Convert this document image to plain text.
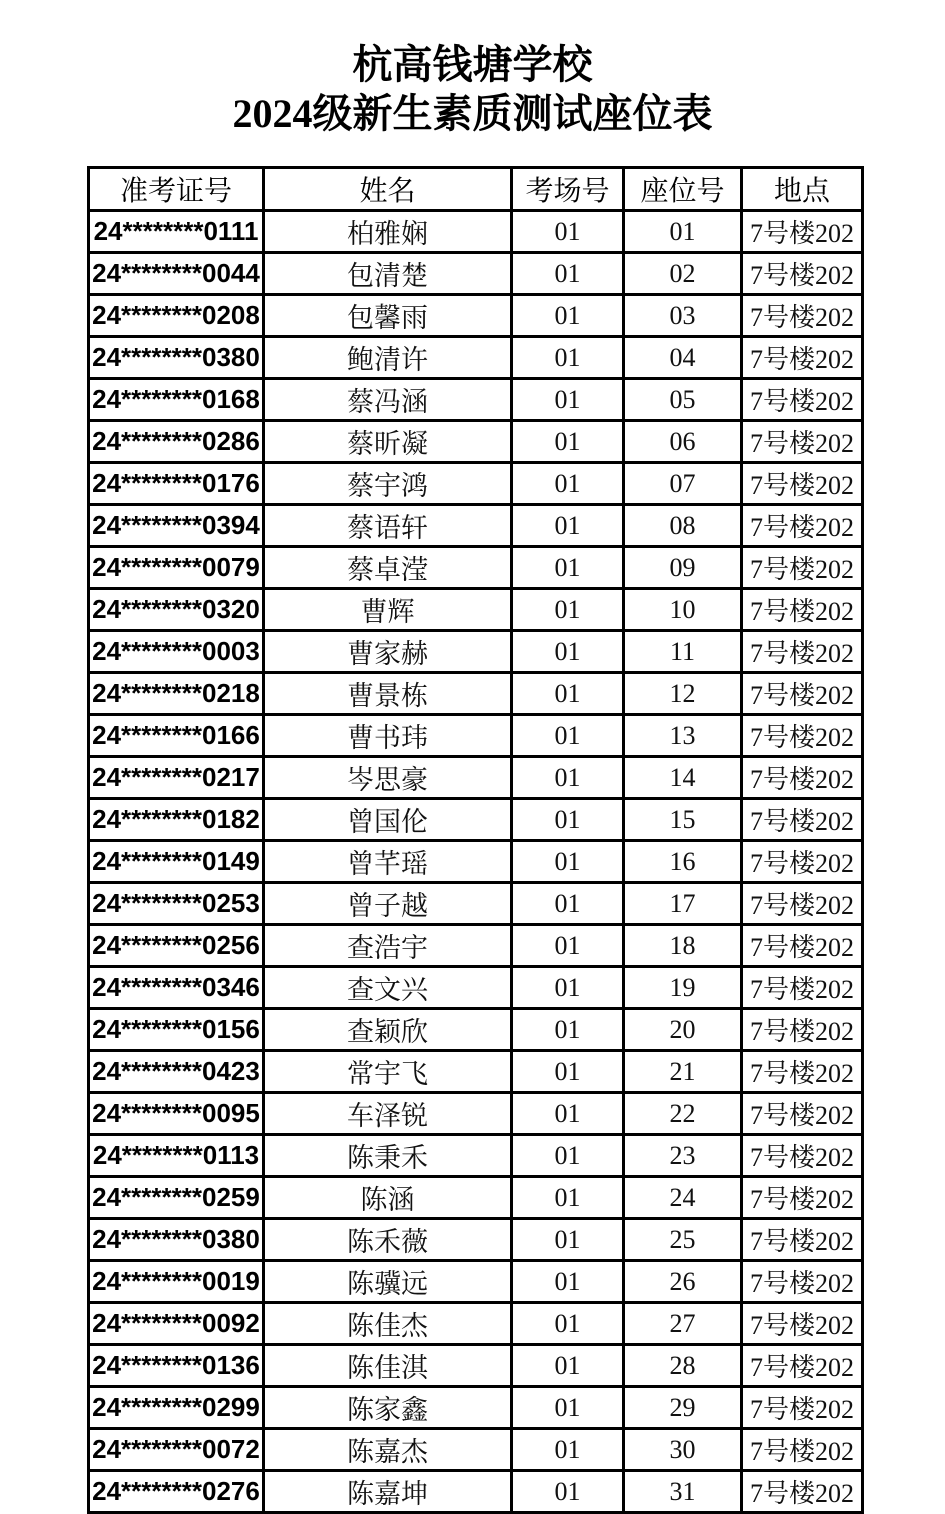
杭高钱塘学校
2024级新生素质测试座位表
准考证号	姓名	考场号	座位号	地点
24********0111	柏雅娴	01	01	7号楼202
24********0044	包清楚	01	02	7号楼202
24********0208	包馨雨	01	03	7号楼202
24********0380	鲍清许	01	04	7号楼202
24********0168	蔡冯涵	01	05	7号楼202
24********0286	蔡昕凝	01	06	7号楼202
24********0176	蔡宇鸿	01	07	7号楼202
24********0394	蔡语轩	01	08	7号楼202
24********0079	蔡卓滢	01	09	7号楼202
24********0320	曹辉	01	10	7号楼202
24********0003	曹家赫	01	11	7号楼202
24********0218	曹景栋	01	12	7号楼202
24********0166	曹书玮	01	13	7号楼202
24********0217	岑思豪	01	14	7号楼202
24********0182	曾国伦	01	15	7号楼202
24********0149	曾芊瑶	01	16	7号楼202
24********0253	曾子越	01	17	7号楼202
24********0256	查浩宇	01	18	7号楼202
24********0346	查文兴	01	19	7号楼202
24********0156	查颖欣	01	20	7号楼202
24********0423	常宇飞	01	21	7号楼202
24********0095	车泽锐	01	22	7号楼202
24********0113	陈秉禾	01	23	7号楼202
24********0259	陈涵	01	24	7号楼202
24********0380	陈禾薇	01	25	7号楼202
24********0019	陈骥远	01	26	7号楼202
24********0092	陈佳杰	01	27	7号楼202
24********0136	陈佳淇	01	28	7号楼202
24********0299	陈家鑫	01	29	7号楼202
24********0072	陈嘉杰	01	30	7号楼202
24********0276	陈嘉坤	01	31	7号楼202
